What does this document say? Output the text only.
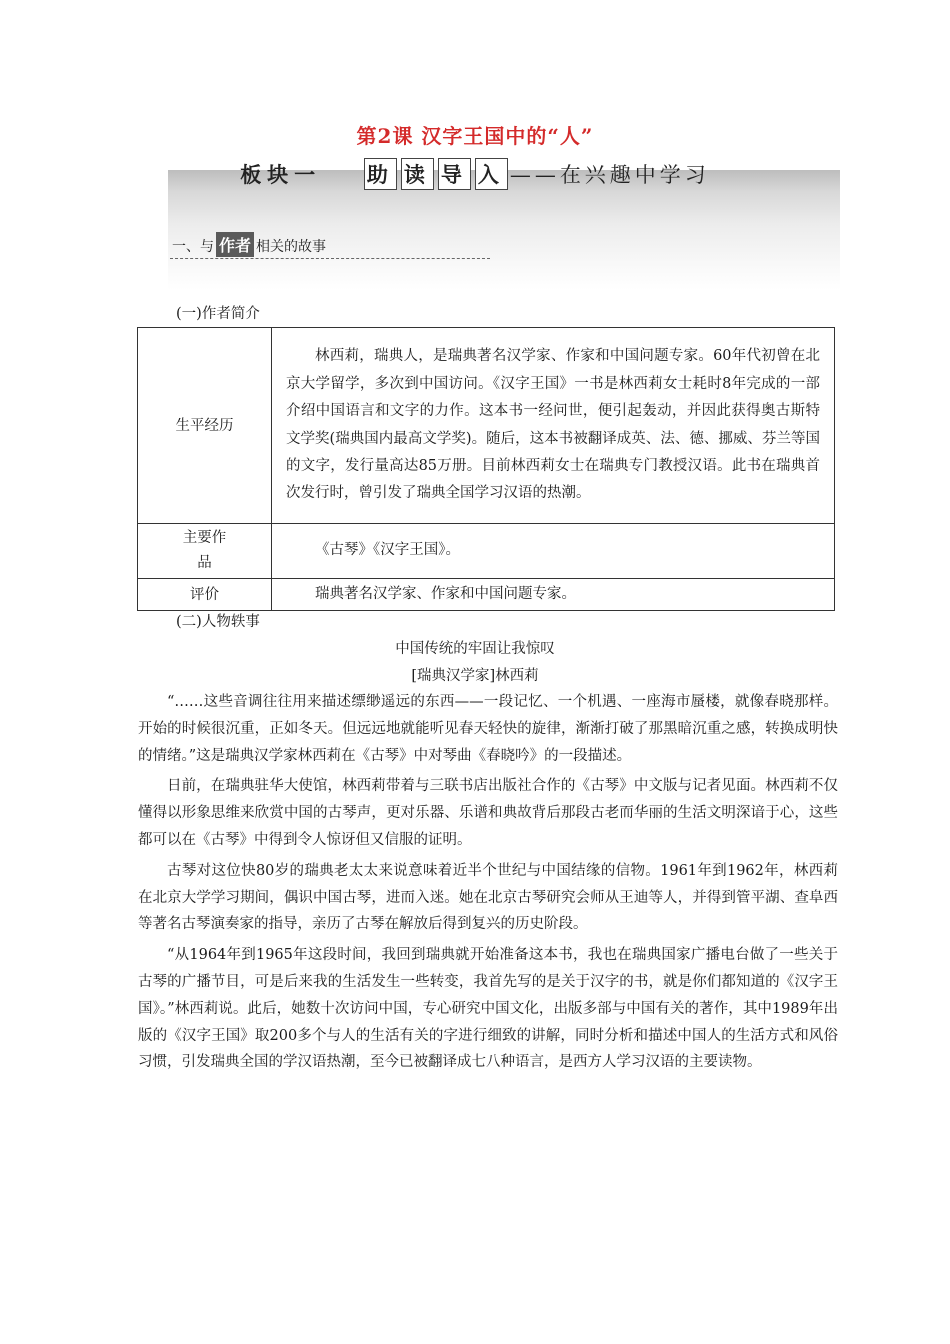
第2课 汉字王国中的“人”
板块一 助 读 导 入 ——在兴趣中学习
一、与 作者 相关的故事
(一)作者简介
生平经历	林西莉，瑞典人，是瑞典著名汉学家、作家和中国问题专家。60年代初曾在北京大学留学，多次到中国访问。《汉字王国》一书是林西莉女士耗时8年完成的一部介绍中国语言和文字的力作。这本书一经问世，便引起轰动，并因此获得奥古斯特文学奖(瑞典国内最高文学奖)。随后，这本书被翻译成英、法、德、挪威、芬兰等国的文字，发行量高达85万册。目前林西莉女士在瑞典专门教授汉语。此书在瑞典首次发行时，曾引发了瑞典全国学习汉语的热潮。

主要作品	《古琴》《汉字王国》。
评价	瑞典著名汉学家、作家和中国问题专家。
(二)人物轶事
中国传统的牢固让我惊叹
[瑞典汉学家]林西莉

“……这些音调往往用来描述缥缈遥远的东西——一段记忆、一个机遇、一座海市蜃楼，就像春晓那样。开始的时候很沉重，正如冬天。但远远地就能听见春天轻快的旋律，渐渐打破了那黑暗沉重之感，转换成明快的情绪。”这是瑞典汉学家林西莉在《古琴》中对琴曲《春晓吟》的一段描述。

日前，在瑞典驻华大使馆，林西莉带着与三联书店出版社合作的《古琴》中文版与记者见面。林西莉不仅懂得以形象思维来欣赏中国的古琴声，更对乐器、乐谱和典故背后那段古老而华丽的生活文明深谙于心，这些都可以在《古琴》中得到令人惊讶但又信服的证明。

古琴对这位快80岁的瑞典老太太来说意味着近半个世纪与中国结缘的信物。1961年到1962年，林西莉在北京大学学习期间，偶识中国古琴，进而入迷。她在北京古琴研究会师从王迪等人，并得到管平湖、查阜西等著名古琴演奏家的指导，亲历了古琴在解放后得到复兴的历史阶段。

“从1964年到1965年这段时间，我回到瑞典就开始准备这本书，我也在瑞典国家广播电台做了一些关于古琴的广播节目，可是后来我的生活发生一些转变，我首先写的是关于汉字的书，就是你们都知道的《汉字王国》。”林西莉说。此后，她数十次访问中国，专心研究中国文化，出版多部与中国有关的著作，其中1989年出版的《汉字王国》取200多个与人的生活有关的字进行细致的讲解，同时分析和描述中国人的生活方式和风俗习惯，引发瑞典全国的学汉语热潮，至今已被翻译成七八种语言，是西方人学习汉语的主要读物。
